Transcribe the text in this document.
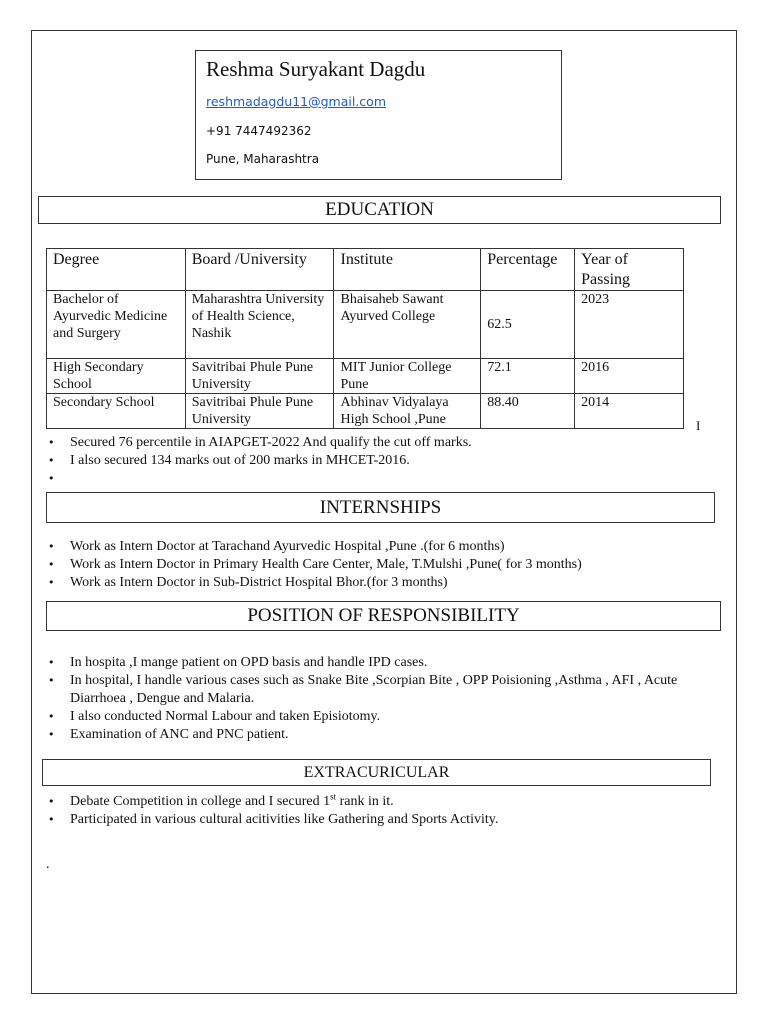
Reshma Suryakant Dagdu
reshmadagdu11@gmail.com
+91 7447492362
Pune, Maharashtra
EDUCATION
Degree	Board /University	Institute	Percentage	Year of Passing
Bachelor of Ayurvedic Medicine and Surgery	Maharashtra University of Health Science, Nashik	Bhaisaheb Sawant Ayurved College	62.5	2023
High Secondary School	Savitribai Phule Pune University	MIT Junior College Pune	72.1	2016
Secondary School	Savitribai Phule Pune University	Abhinav Vidyalaya High School ,Pune	88.40	2014
I
• Secured 76 percentile in AIAPGET-2022 And qualify the cut off marks.
• I also secured 134 marks out of 200 marks in MHCET-2016.
•
INTERNSHIPS
• Work as Intern Doctor at Tarachand Ayurvedic Hospital ,Pune .(for 6 months)
• Work as Intern Doctor in Primary Health Care Center, Male, T.Mulshi ,Pune( for 3 months)
• Work as Intern Doctor in Sub-District Hospital Bhor.(for 3 months)
POSITION OF RESPONSIBILITY
• In hospita ,I mange patient on OPD basis and handle IPD cases.
• In hospital, I handle various cases such as Snake Bite ,Scorpian Bite , OPP Poisioning ,Asthma , AFI , Acute Diarrhoea , Dengue and Malaria.
• I also conducted Normal Labour and taken Episiotomy.
• Examination of ANC and PNC patient.
EXTRACURICULAR
• Debate Competition in college and I secured 1st rank in it.
• Participated in various cultural acitivities like Gathering and Sports Activity.
.
